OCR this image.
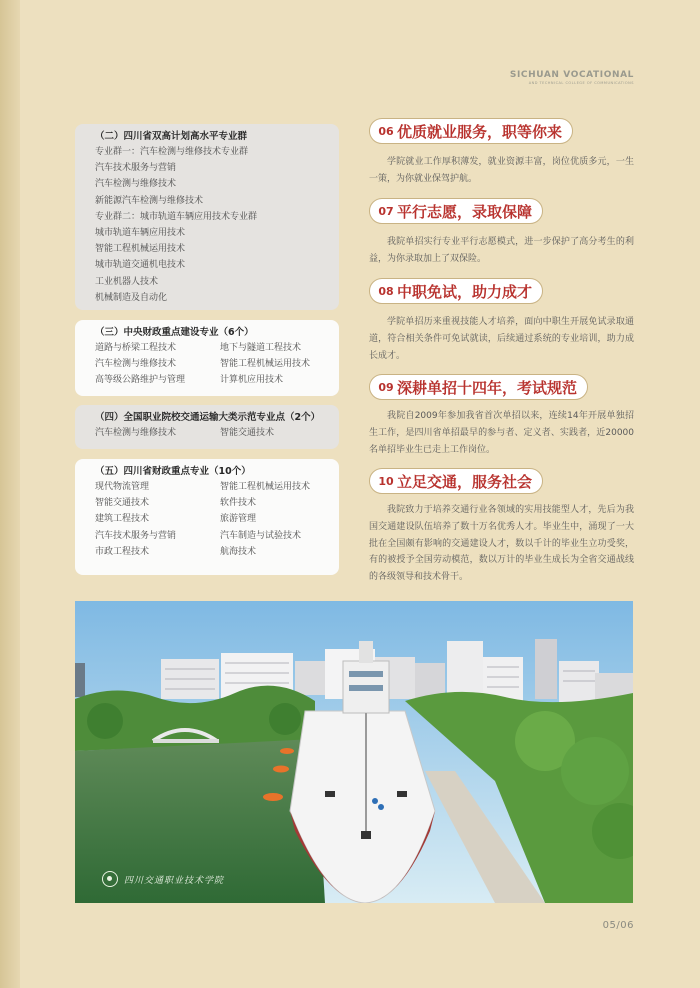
SICHUAN VOCATIONAL
AND TECHNICAL COLLEGE OF COMMUNICATIONS
（二）四川省双高计划高水平专业群
专业群一：汽车检测与维修技术专业群
汽车技术服务与营销
汽车检测与维修技术
新能源汽车检测与维修技术
专业群二：城市轨道车辆应用技术专业群
城市轨道车辆应用技术
智能工程机械运用技术
城市轨道交通机电技术
工业机器人技术
机械制造及自动化
（三）中央财政重点建设专业（6个）
道路与桥梁工程技术	地下与隧道工程技术
汽车检测与维修技术	智能工程机械运用技术
高等级公路维护与管理	计算机应用技术
（四）全国职业院校交通运输大类示范专业点（2个）
汽车检测与维修技术	智能交通技术
（五）四川省财政重点专业（10个）
现代物流管理	智能工程机械运用技术
智能交通技术	软件技术
建筑工程技术	旅游管理
汽车技术服务与营销	汽车制造与试验技术
市政工程技术	航海技术
06 优质就业服务，职等你来

学院就业工作厚积薄发，就业资源丰富，岗位优质多元，一生一策，为你就业保驾护航。

07 平行志愿，录取保障

我院单招实行专业平行志愿模式，进一步保护了高分考生的利益，为你录取加上了双保险。

08 中职免试，助力成才

学院单招历来重视技能人才培养，面向中职生开展免试录取通道，符合相关条件可免试就读，后续通过系统的专业培训，助力成长成才。

09 深耕单招十四年，考试规范

我院自2009年参加我省首次单招以来，连续14年开展单独招生工作，是四川省单招最早的参与者、定义者、实践者，近20000名单招毕业生已走上工作岗位。

10 立足交通，服务社会

我院致力于培养交通行业各领域的实用技能型人才，先后为我国交通建设队伍培养了数十万名优秀人才。毕业生中，涌现了一大批在全国颇有影响的交通建设人才，数以千计的毕业生立功受奖，有的被授予全国劳动模范，数以万计的毕业生成长为全省交通战线的各级领导和技术骨干。

四川交通职业技术学院
05/06
